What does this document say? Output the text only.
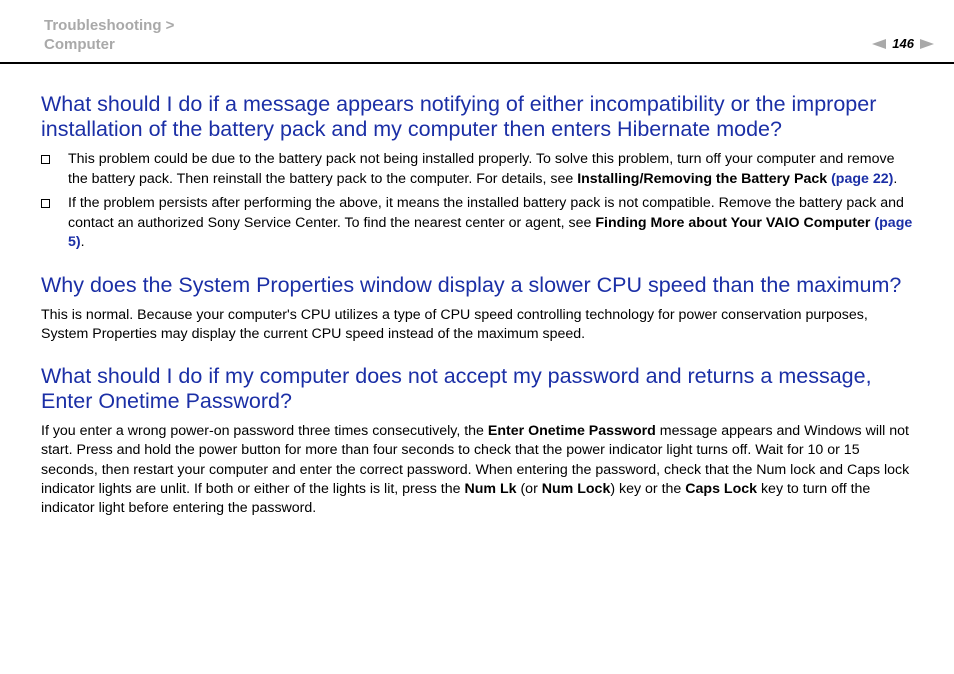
Troubleshooting >
Computer	146
What should I do if a message appears notifying of either incompatibility or the improper installation of the battery pack and my computer then enters Hibernate mode?
This problem could be due to the battery pack not being installed properly. To solve this problem, turn off your computer and remove the battery pack. Then reinstall the battery pack to the computer. For details, see Installing/Removing the Battery Pack (page 22).
If the problem persists after performing the above, it means the installed battery pack is not compatible. Remove the battery pack and contact an authorized Sony Service Center. To find the nearest center or agent, see Finding More about Your VAIO Computer (page 5).
Why does the System Properties window display a slower CPU speed than the maximum?

This is normal. Because your computer's CPU utilizes a type of CPU speed controlling technology for power conservation purposes, System Properties may display the current CPU speed instead of the maximum speed.

What should I do if my computer does not accept my password and returns a message, Enter Onetime Password?

If you enter a wrong power-on password three times consecutively, the Enter Onetime Password message appears and Windows will not start. Press and hold the power button for more than four seconds to check that the power indicator light turns off. Wait for 10 or 15 seconds, then restart your computer and enter the correct password. When entering the password, check that the Num lock and Caps lock indicator lights are unlit. If both or either of the lights is lit, press the Num Lk (or Num Lock) key or the Caps Lock key to turn off the indicator light before entering the password.
